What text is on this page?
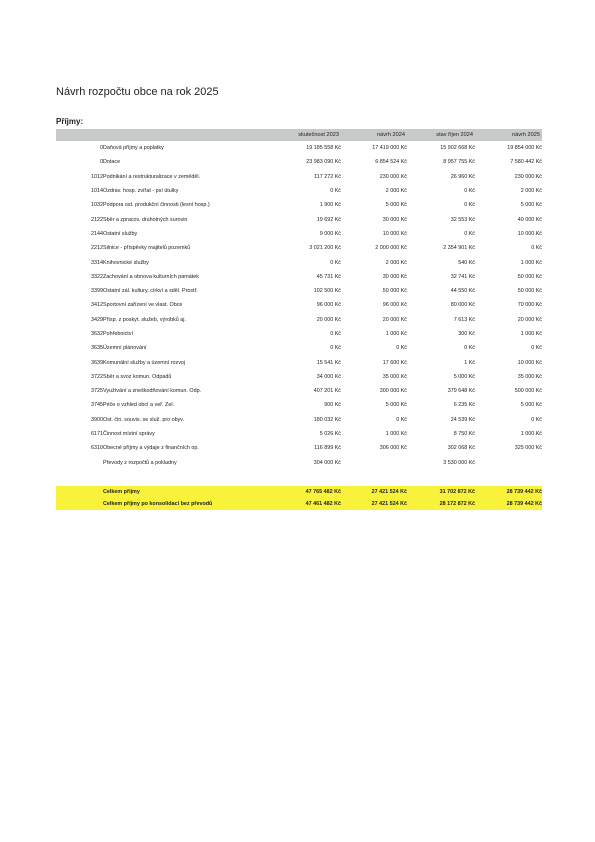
Návrh rozpočtu obce na rok 2025
Příjmy:
		skutečnost 2023	návrh 2024	stav říjen 2024	návrh 2025
0	Daňová příjmy a poplatky	19 185 558 Kč	17 419 000 Kč	15 902 668 Kč	19 854 000 Kč
0	Dotace	23 983 090 Kč	6 854 524 Kč	8 957 755 Kč	7 580 442 Kč
1012	Podnikání a restrukturalizace v zeměděl.	117 272 Kč	230 000 Kč	26 960 Kč	230 000 Kč
1014	Ozdrav. hosp. zvířat - psí útulky	0 Kč	2 000 Kč	0 Kč	2 000 Kč
1032	Podpora ost. produkční činnosti (lesní hosp.)	1 900 Kč	5 000 Kč	0 Kč	5 000 Kč
2122	Sběr a zpracov. druhotných surovin	19 692 Kč	30 000 Kč	32 553 Kč	40 000 Kč
2144	Ostatní služby	9 000 Kč	10 000 Kč	0 Kč	10 000 Kč
2212	Silnice - příspěvky majitelů pozemků	3 021 200 Kč	2 000 000 Kč	2 354 901 Kč	0 Kč
3314	Knihovnické služby	0 Kč	2 000 Kč	540 Kč	1 000 Kč
3322	Zachování a obnova kulturních památek	45 731 Kč	30 000 Kč	32 741 Kč	50 000 Kč
3399	Ostatní zál. kultury, církví a sděl. Prostř.	102 500 Kč	50 000 Kč	44 550 Kč	50 000 Kč
3412	Sportovní zařízení ve vlast. Obce	96 000 Kč	96 000 Kč	80 000 Kč	70 000 Kč
3429	Přísp. z poskyt. služeb, výrobků aj.	20 000 Kč	20 000 Kč	7 613 Kč	20 000 Kč
3632	Pohřebnictví	0 Kč	1 000 Kč	300 Kč	1 000 Kč
3635	Územní plánování	0 Kč	0 Kč	0 Kč	0 Kč
3639	Komunální služby a územní rozvoj	15 541 Kč	17 600 Kč	1 Kč	10 000 Kč
3722	Sběr a svoz komun. Odpadů	34 000 Kč	35 000 Kč	5 000 Kč	35 000 Kč
3725	Využívání a zneškodňování komun. Odp.	407 201 Kč	300 000 Kč	379 648 Kč	500 000 Kč
3745	Péče o vzhled obcí a veř. Zel.	900 Kč	5 000 Kč	6 235 Kč	5 000 Kč
3900	Ost. čin. souvis. se služ. pro obyv.	180 032 Kč	0 Kč	24 539 Kč	0 Kč
6171	Činnost místní správy	5 026 Kč	1 000 Kč	8 750 Kč	1 000 Kč
6310	Obecné příjmy a výdaje z finančních op.	116 899 Kč	306 000 Kč	302 068 Kč	325 000 Kč
	Převody z rozpočtů a pokladny	304 000 Kč		3 530 000 Kč	

	Celkem příjmy	47 765 482 Kč	27 421 524 Kč	31 702 872 Kč	28 739 442 Kč
	Celkem příjmy po konsolidaci bez převodů	47 461 482 Kč	27 421 524 Kč	28 172 872 Kč	28 739 442 Kč
